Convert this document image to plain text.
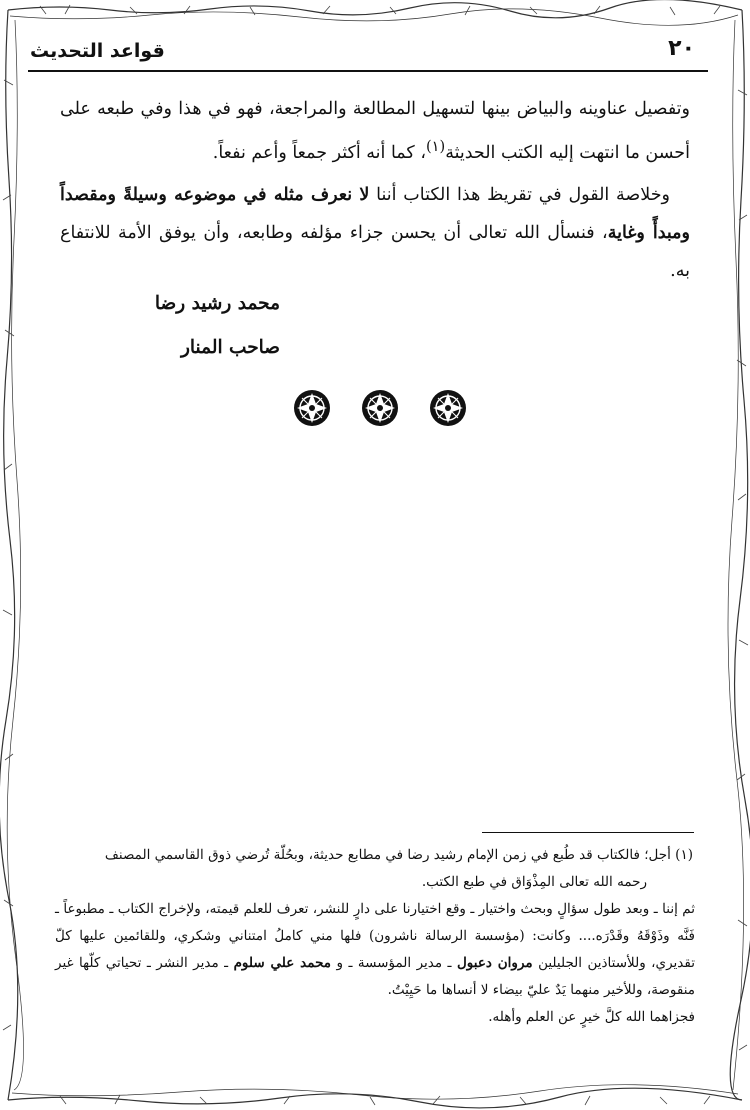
٢٠
قواعد التحديث

وتفصيل عناوينه والبياض بينها لتسهيل المطالعة والمراجعة، فهو في هذا وفي طبعه على أحسن ما انتهت إليه الكتب الحديثة$^{(١)}$، كما أنه أكثر جمعاً وأعم نفعاً.

وخلاصة القول في تقريظ هذا الكتاب أننا لا نعرف مثله في موضوعه وسيلةً ومقصداً ومبدأً وغاية، فنسأل الله تعالى أن يحسن جزاء مؤلفه وطابعه، وأن يوفق الأمة للانتفاع به.

محمد رشيد رضا
صاحب المنار

(١) أجل؛ فالكتاب قد طُبع في زمن الإمام رشيد رضا في مطابع حديثة، وبحُلّة تُرضي ذوق القاسمي المصنف

رحمه الله تعالى المِذْوَاق في طبع الكتب.

ثم إننا ـ وبعد طول سؤالٍ وبحث واختيار ـ وقع اختيارنا على دارٍ للنشر، تعرف للعلم قيمته، ولإخراج الكتاب ـ مطبوعاً ـ فَنَّه وذَوْقَهُ وقَدْرَه.... وكانت: (مؤسسة الرسالة ناشرون) فلها مني كاملُ امتناني وشكري، وللقائمين عليها كلّ تقديري، وللأستاذين الجليلين مروان دعبول ـ مدير المؤسسة ـ و محمد علي سلوم ـ مدير النشر ـ تحياتي كلّها غير منقوصة، وللأخير منهما يَدٌ عليّ بيضاء لا أنساها ما حَيِيْتُ.

فجزاهما الله كلَّ خيرٍ عن العلم وأهله.
